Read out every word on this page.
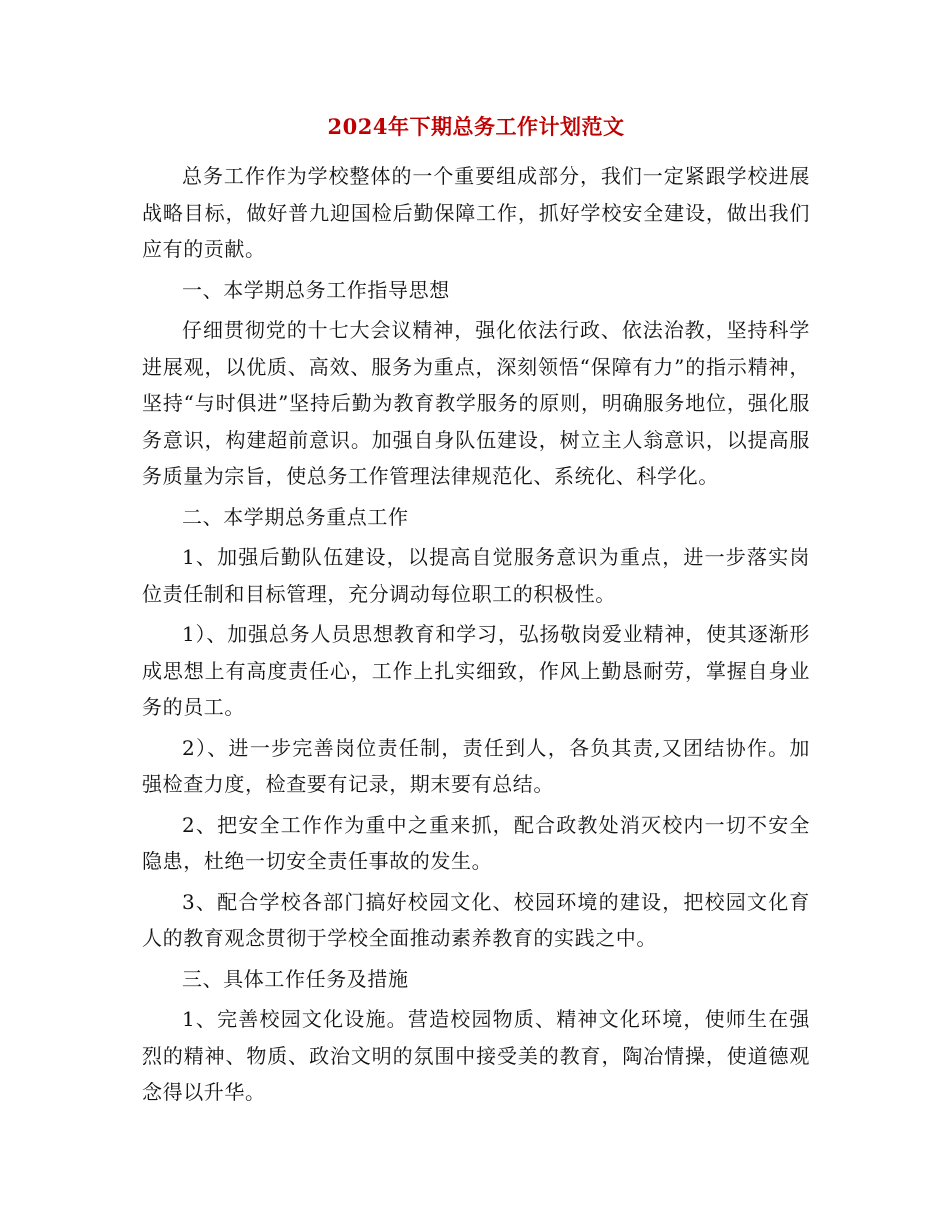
2024年下期总务工作计划范文

总务工作作为学校整体的一个重要组成部分，我们一定紧跟学校进展战略目标，做好普九迎国检后勤保障工作，抓好学校安全建设，做出我们应有的贡献。

一、本学期总务工作指导思想

仔细贯彻党的十七大会议精神，强化依法行政、依法治教，坚持科学进展观，以优质、高效、服务为重点，深刻领悟“保障有力”的指示精神，坚持“与时俱进”坚持后勤为教育教学服务的原则，明确服务地位，强化服务意识，构建超前意识。加强自身队伍建设，树立主人翁意识，以提高服务质量为宗旨，使总务工作管理法律规范化、系统化、科学化。

二、本学期总务重点工作

1、加强后勤队伍建设，以提高自觉服务意识为重点，进一步落实岗位责任制和目标管理，充分调动每位职工的积极性。

1）、加强总务人员思想教育和学习，弘扬敬岗爱业精神，使其逐渐形成思想上有高度责任心，工作上扎实细致，作风上勤恳耐劳，掌握自身业务的员工。

2）、进一步完善岗位责任制，责任到人，各负其责,又团结协作。加强检查力度，检查要有记录，期末要有总结。

2、把安全工作作为重中之重来抓，配合政教处消灭校内一切不安全隐患，杜绝一切安全责任事故的发生。

3、配合学校各部门搞好校园文化、校园环境的建设，把校园文化育人的教育观念贯彻于学校全面推动素养教育的实践之中。

三、具体工作任务及措施

1、完善校园文化设施。营造校园物质、精神文化环境，使师生在强烈的精神、物质、政治文明的氛围中接受美的教育，陶冶情操，使道德观念得以升华。
